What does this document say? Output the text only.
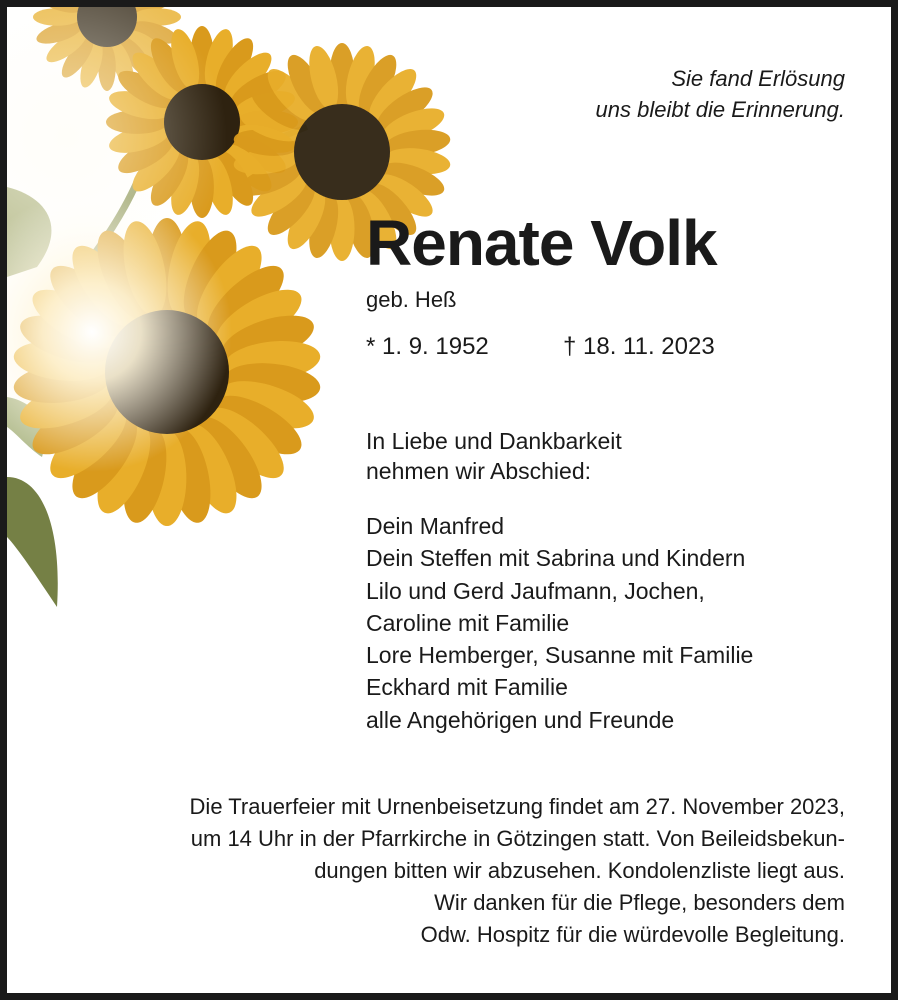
Sie fand Erlösung
uns bleibt die Erinnerung.
Renate Volk
geb. Heß
* 1. 9. 1952	† 18. 11. 2023
In Liebe und Dankbarkeit
nehmen wir Abschied:
Dein Manfred
Dein Steffen mit Sabrina und Kindern
Lilo und Gerd Jaufmann, Jochen,
Caroline mit Familie
Lore Hemberger, Susanne mit Familie
Eckhard mit Familie
alle Angehörigen und Freunde
Die Trauerfeier mit Urnenbeisetzung findet am 27. November 2023,
um 14 Uhr in der Pfarrkirche in Götzingen statt. Von Beileidsbekun-
dungen bitten wir abzusehen. Kondolenzliste liegt aus.
Wir danken für die Pflege, besonders dem
Odw. Hospitz für die würdevolle Begleitung.
